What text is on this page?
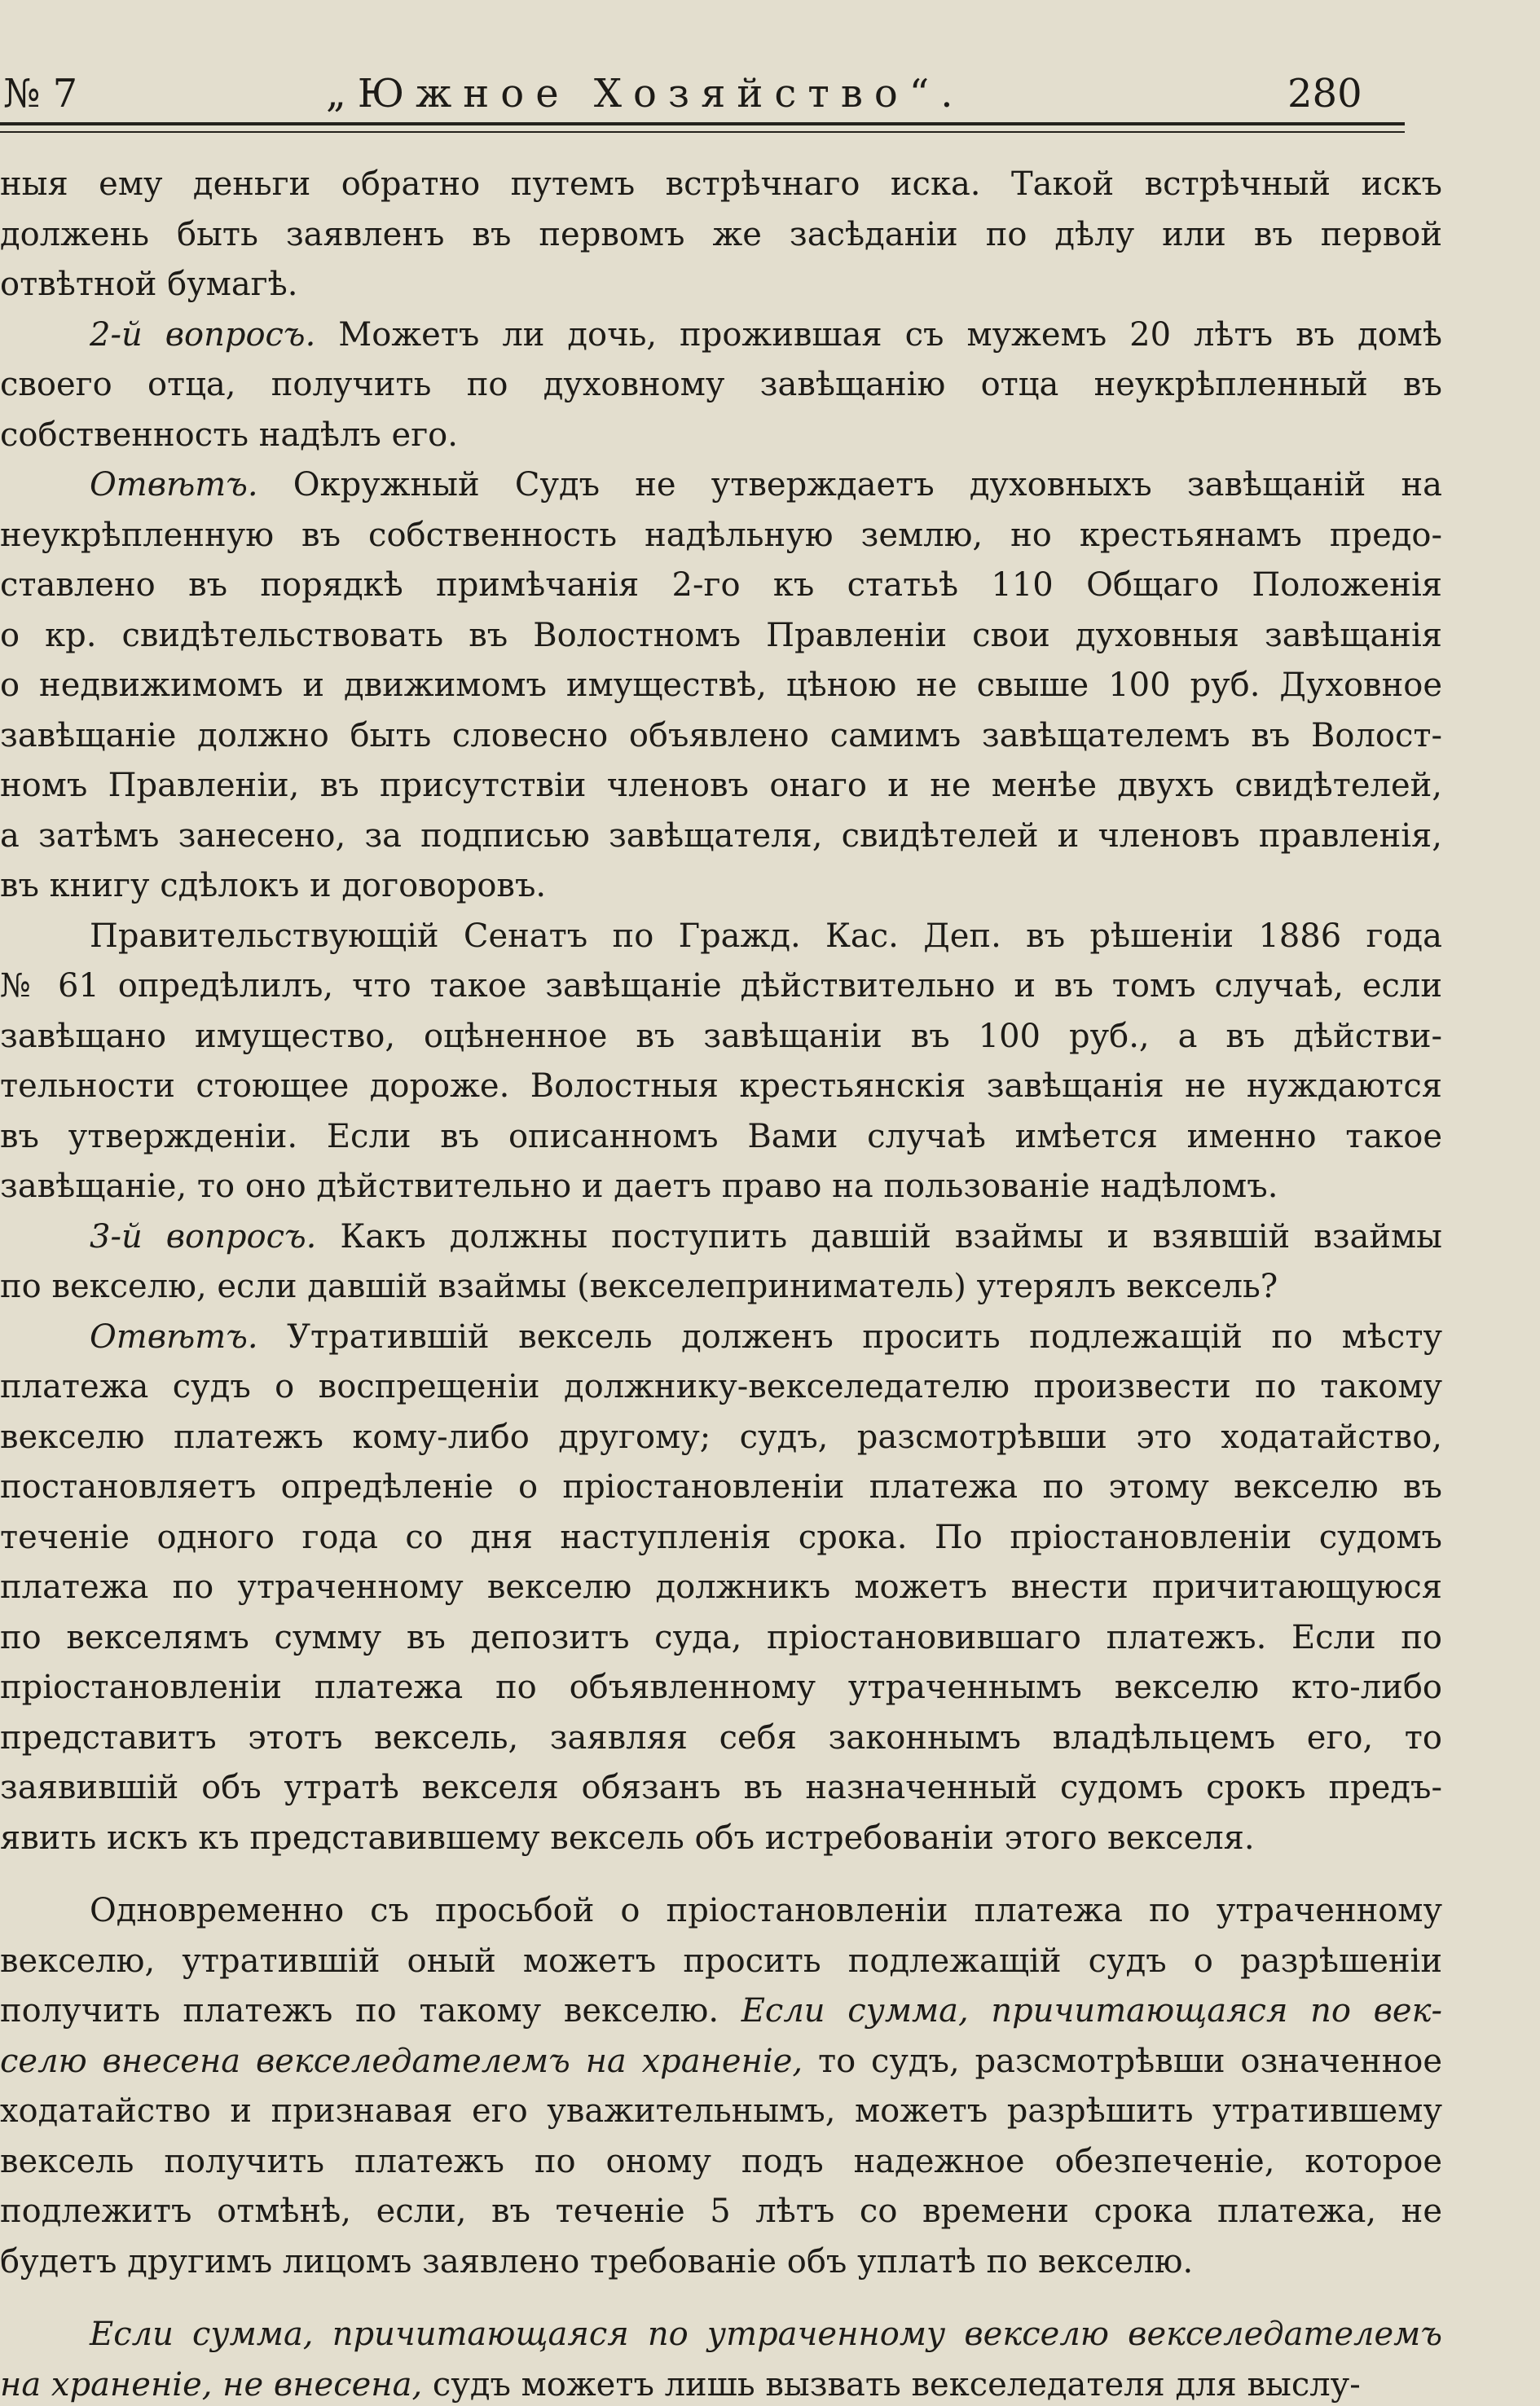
№ 7	„Южное Хозяйство“.	280
ныя ему деньги обратно путемъ встрѣчнаго иска. Такой встрѣчный искъ
должень быть заявленъ въ первомъ же засѣданіи по дѣлу или въ первой
отвѣтной бумагѣ.
2-й вопросъ. Можетъ ли дочь, прожившая съ мужемъ 20 лѣтъ въ домѣ
своего отца, получить по духовному завѣщанію отца неукрѣпленный въ
собственность надѣлъ его.
Отвѣтъ. Окружный Судъ не утверждаетъ духовныхъ завѣщаній на
неукрѣпленную въ собственность надѣльную землю, но крестьянамъ предо-
ставлено въ порядкѣ примѣчанія 2-го къ статьѣ 110 Общаго Положенія
о кр. свидѣтельствовать въ Волостномъ Правленіи свои духовныя завѣщанія
о недвижимомъ и движимомъ имуществѣ, цѣною не свыше 100 руб. Духовное
завѣщаніе должно быть словесно объявлено самимъ завѣщателемъ въ Волост-
номъ Правленіи, въ присутствіи членовъ онаго и не менѣе двухъ свидѣтелей,
а затѣмъ занесено, за подписью завѣщателя, свидѣтелей и членовъ правленія,
въ книгу сдѣлокъ и договоровъ.
Правительствующій Сенатъ по Гражд. Кас. Деп. въ рѣшеніи 1886 года
№ 61 опредѣлилъ, что такое завѣщаніе дѣйствительно и въ томъ случаѣ, если
завѣщано имущество, оцѣненное въ завѣщаніи въ 100 руб., а въ дѣйстви-
тельности стоющее дороже. Волостныя крестьянскія завѣщанія не нуждаются
въ утвержденіи. Если въ описанномъ Вами случаѣ имѣется именно такое
завѣщаніе, то оно дѣйствительно и даетъ право на пользованіе надѣломъ.
3-й вопросъ. Какъ должны поступить давшій взаймы и взявшій взаймы
по векселю, если давшій взаймы (векселеприниматель) утерялъ вексель?
Отвѣтъ. Утратившій вексель долженъ просить подлежащій по мѣсту
платежа судъ о воспрещеніи должнику-векселедателю произвести по такому
векселю платежъ кому-либо другому; судъ, разсмотрѣвши это ходатайство,
постановляетъ опредѣленіе о пріостановленіи платежа по этому векселю въ
теченіе одного года со дня наступленія срока. По пріостановленіи судомъ
платежа по утраченному векселю должникъ можетъ внести причитающуюся
по векселямъ сумму въ депозитъ суда, пріостановившаго платежъ. Если по
пріостановленіи платежа по объявленному утраченнымъ векселю кто-либо
представитъ этотъ вексель, заявляя себя законнымъ владѣльцемъ его, то
заявившій объ утратѣ векселя обязанъ въ назначенный судомъ срокъ предъ-
явить искъ къ представившему вексель объ истребованіи этого векселя.
Одновременно съ просьбой о пріостановленіи платежа по утраченному
векселю, утратившій оный можетъ просить подлежащій судъ о разрѣшеніи
получить платежъ по такому векселю. Если сумма, причитающаяся по век-
селю внесена векселедателемъ на храненіе, то судъ, разсмотрѣвши означенное
ходатайство и признавая его уважительнымъ, можетъ разрѣшить утратившему
вексель получить платежъ по оному подъ надежное обезпеченіе, которое
подлежитъ отмѣнѣ, если, въ теченіе 5 лѣтъ со времени срока платежа, не
будетъ другимъ лицомъ заявлено требованіе объ уплатѣ по векселю.
Если сумма, причитающаяся по утраченному векселю векселедателемъ
на храненіе, не внесена, судъ можетъ лишь вызвать векселедателя для выслу-
